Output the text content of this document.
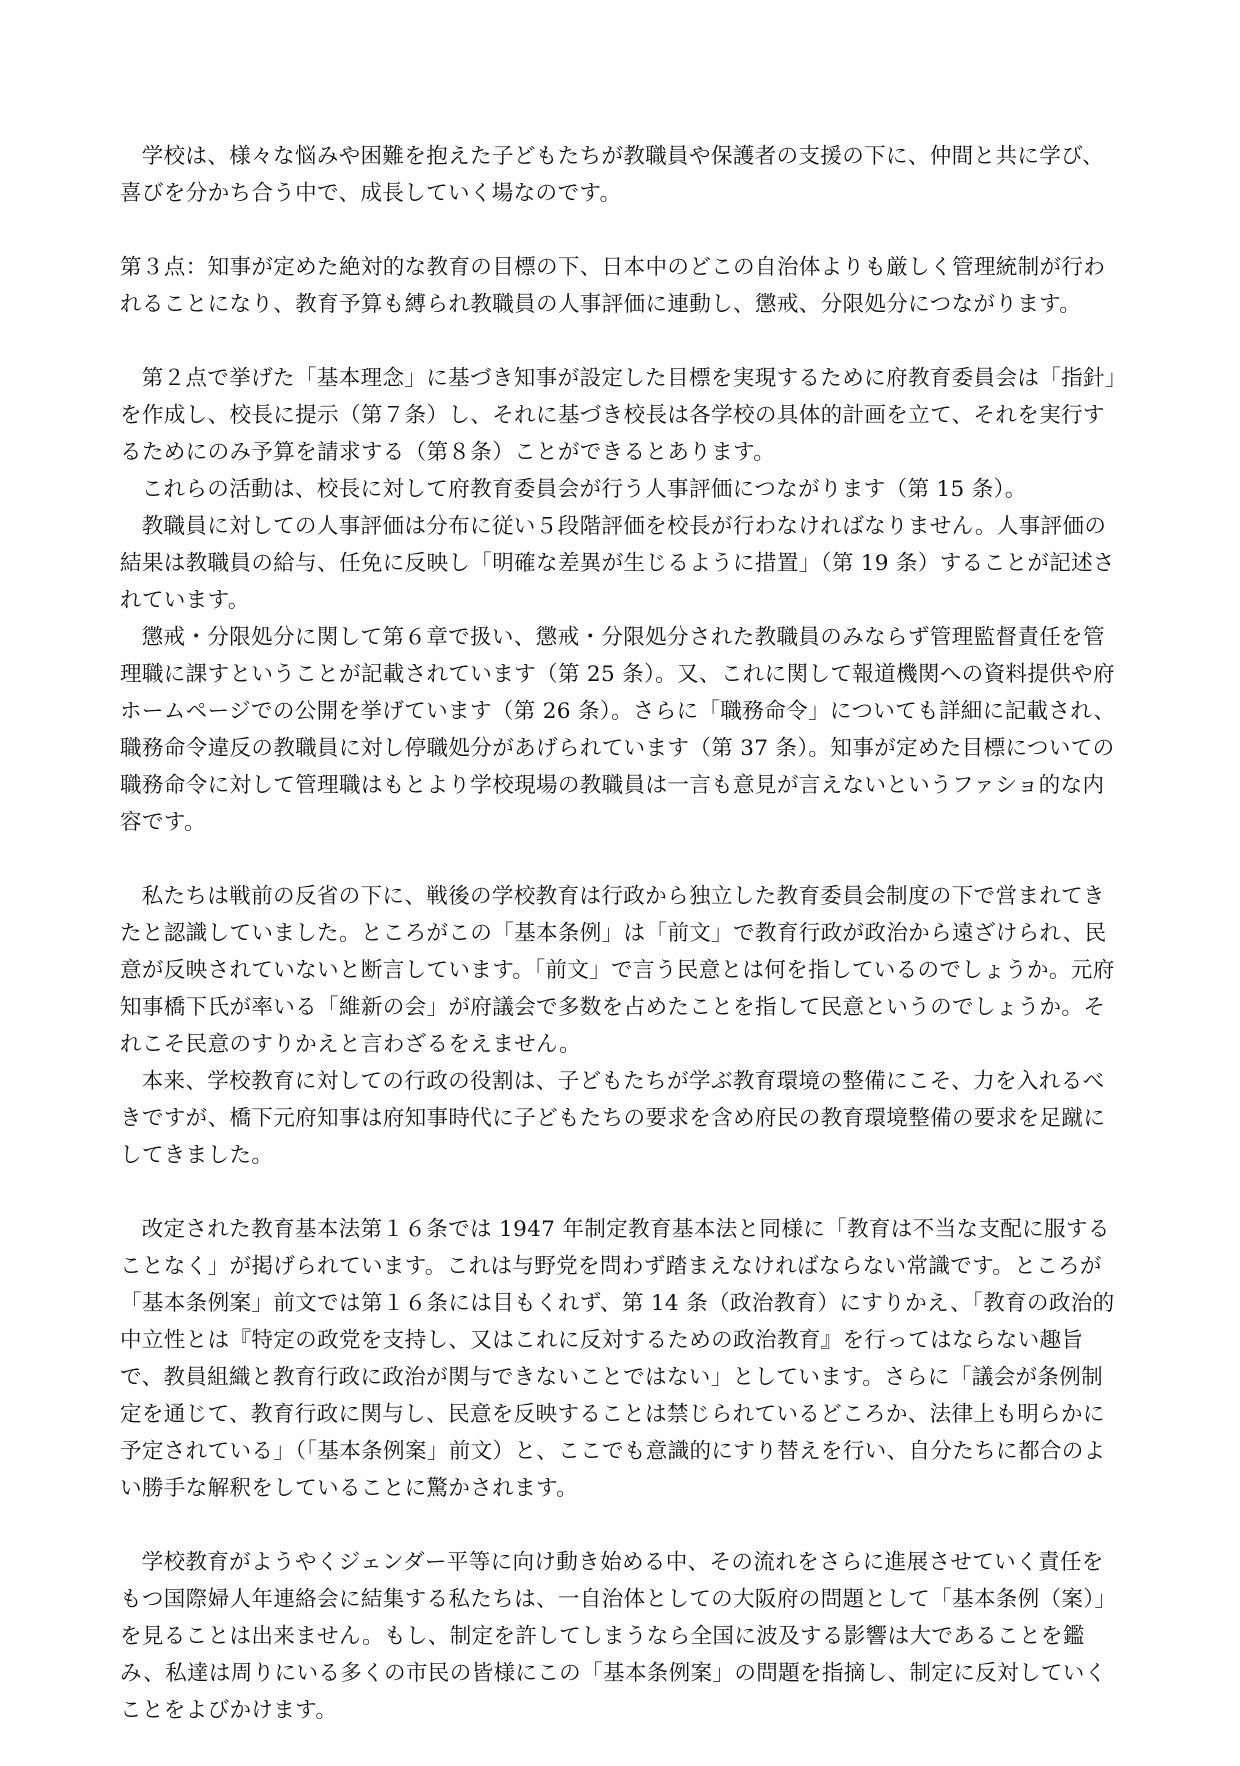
学校は、様々な悩みや困難を抱えた子どもたちが教職員や保護者の支援の下に、仲間と共に学び、喜びを分かち合う中で、成長していく場なのです。

第３点：知事が定めた絶対的な教育の目標の下、日本中のどこの自治体よりも厳しく管理統制が行われることになり、教育予算も縛られ教職員の人事評価に連動し、懲戒、分限処分につながります。

第２点で挙げた「基本理念」に基づき知事が設定した目標を実現するために府教育委員会は「指針」を作成し、校長に提示（第７条）し、それに基づき校長は各学校の具体的計画を立て、それを実行するためにのみ予算を請求する（第８条）ことができるとあります。

これらの活動は、校長に対して府教育委員会が行う人事評価につながります（第 15 条）。

教職員に対しての人事評価は分布に従い５段階評価を校長が行わなければなりません。人事評価の結果は教職員の給与、任免に反映し「明確な差異が生じるように措置」（第 19 条）することが記述されています。

懲戒・分限処分に関して第６章で扱い、懲戒・分限処分された教職員のみならず管理監督責任を管理職に課すということが記載されています（第 25 条）。又、これに関して報道機関への資料提供や府ホームページでの公開を挙げています（第 26 条）。さらに「職務命令」についても詳細に記載され、職務命令違反の教職員に対し停職処分があげられています（第 37 条）。知事が定めた目標についての職務命令に対して管理職はもとより学校現場の教職員は一言も意見が言えないというファショ的な内容です。

私たちは戦前の反省の下に、戦後の学校教育は行政から独立した教育委員会制度の下で営まれてきたと認識していました。ところがこの「基本条例」は「前文」で教育行政が政治から遠ざけられ、民意が反映されていないと断言しています。「前文」で言う民意とは何を指しているのでしょうか。元府知事橋下氏が率いる「維新の会」が府議会で多数を占めたことを指して民意というのでしょうか。それこそ民意のすりかえと言わざるをえません。

本来、学校教育に対しての行政の役割は、子どもたちが学ぶ教育環境の整備にこそ、力を入れるべきですが、橋下元府知事は府知事時代に子どもたちの要求を含め府民の教育環境整備の要求を足蹴にしてきました。

改定された教育基本法第１６条では 1947 年制定教育基本法と同様に「教育は不当な支配に服することなく」が掲げられています。これは与野党を問わず踏まえなければならない常識です。ところが「基本条例案」前文では第１６条には目もくれず、第 14 条（政治教育）にすりかえ、「教育の政治的中立性とは『特定の政党を支持し、又はこれに反対するための政治教育』を行ってはならない趣旨で、教員組織と教育行政に政治が関与できないことではない」としています。さらに「議会が条例制定を通じて、教育行政に関与し、民意を反映することは禁じられているどころか、法律上も明らかに予定されている」（「基本条例案」前文）と、ここでも意識的にすり替えを行い、自分たちに都合のよい勝手な解釈をしていることに驚かされます。

学校教育がようやくジェンダー平等に向け動き始める中、その流れをさらに進展させていく責任をもつ国際婦人年連絡会に結集する私たちは、一自治体としての大阪府の問題として「基本条例（案）」を見ることは出来ません。もし、制定を許してしまうなら全国に波及する影響は大であることを鑑み、私達は周りにいる多くの市民の皆様にこの「基本条例案」の問題を指摘し、制定に反対していくことをよびかけます。
